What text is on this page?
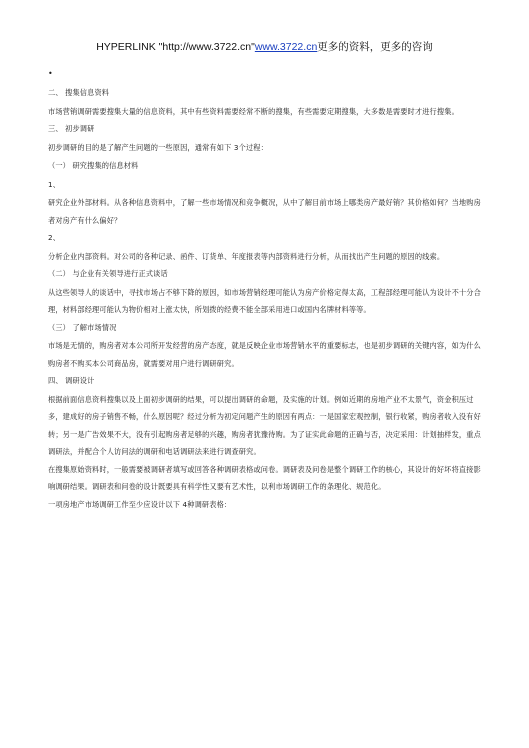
HYPERLINK "http://www.3722.cn"www.3722.cn更多的资料，更多的咨询

•

二、 搜集信息资料

市场营销调研需要搜集大量的信息资料，其中有些资料需要经常不断的搜集，有些需要定期搜集，大多数是需要时才进行搜集。

三、 初步调研

初步调研的目的是了解产生问题的一些原因，通常有如下 3个过程：

（一） 研究搜集的信息材料

1、

研究企业外部材料。从各种信息资料中，了解一些市场情况和竞争概况，从中了解目前市场上哪类房产最好销？其价格如何？当地购房者对房产有什么偏好？

2、

分析企业内部资料。对公司的各种记录、函件、订货单、年度报表等内部资料进行分析，从而找出产生问题的原因的线索。

（二） 与企业有关领导进行正式谈话

从这些领导人的谈话中，寻找市场占不够下降的原因，如市场营销经理可能认为房产价格定得太高，工程部经理可能认为设计不十分合理，材料部经理可能认为物价相对上涨太快，所划拨的经费不能全部采用进口或国内名牌材料等等。

（三） 了解市场情况

市场是无情的，购房者对本公司所开发经营的房产态度，就是反映企业市场营销水平的重要标志，也是初步调研的关键内容，如为什么购房者不购买本公司商品房，就需要对用户进行调研研究。

四、 调研设计

根据前面信息资料搜集以及上面初步调研的结果，可以提出调研的命题，及实施的计划。例如近期的房地产业不太景气，资金积压过多，建成好的房子销售不畅，什么原因呢？经过分析为初定问题产生的原因有两点：一是国家宏观控制，银行收紧，购房者收入没有好转；另一是广告效果不大，没有引起购房者足够的兴趣，购房者犹豫待购。为了证实此命题的正确与否，决定采用：计划抽样发，重点调研法，并配合个人访问法的调研和电话调研法来进行调查研究。

在搜集原始资料时，一般需要被调研者填写或回答各种调研表格或问卷。调研表及问卷是整个调研工作的核心，其设计的好坏将直接影响调研结果。调研表和问卷的设计既要具有科学性又要有艺术性，以利市场调研工作的条理化、规范化。

一项房地产市场调研工作至少应设计以下 4种调研表格：
